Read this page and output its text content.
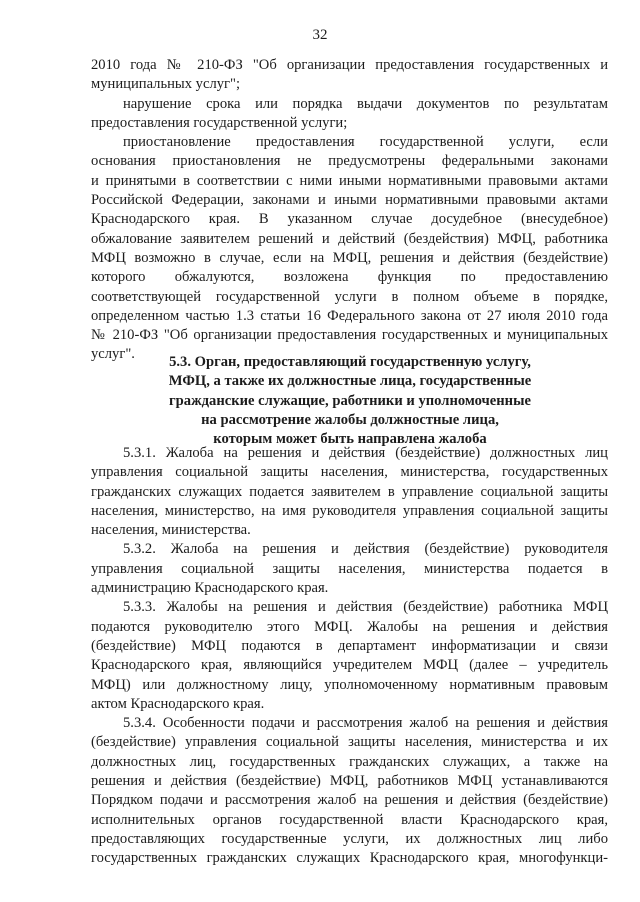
32
2010 года № 210-ФЗ "Об организации предоставления государственных и
муниципальных услуг";
нарушение срока или порядка выдачи документов по результатам
предоставления государственной услуги;
приостановление предоставления государственной услуги, если
основания приостановления не предусмотрены федеральными законами
и принятыми в соответствии с ними иными нормативными правовыми актами
Российской Федерации, законами и иными нормативными правовыми актами
Краснодарского края. В указанном случае досудебное (внесудебное)
обжалование заявителем решений и действий (бездействия) МФЦ, работника
МФЦ возможно в случае, если на МФЦ, решения и действия (бездействие)
которого обжалуются, возложена функция по предоставлению
соответствующей государственной услуги в полном объеме в порядке,
определенном частью 1.3 статьи 16 Федерального закона от 27 июля 2010 года
№ 210-ФЗ "Об организации предоставления государственных и муниципальных
услуг".	5.3. Орган, предоставляющий государственную услугу,
МФЦ, а также их должностные лица, государственные
гражданские служащие, работники и уполномоченные
на рассмотрение жалобы должностные лица,
которым может быть направлена жалоба
5.3.1. Жалоба на решения и действия (бездействие) должностных лиц
управления социальной защиты населения, министерства, государственных
гражданских служащих подается заявителем в управление социальной защиты
населения, министерство, на имя руководителя управления социальной защиты
населения, министерства.
5.3.2. Жалоба на решения и действия (бездействие) руководителя
управления социальной защиты населения, министерства подается в
администрацию Краснодарского края.
5.3.3. Жалобы на решения и действия (бездействие) работника МФЦ
подаются руководителю этого МФЦ. Жалобы на решения и действия
(бездействие) МФЦ подаются в департамент информатизации и связи
Краснодарского края, являющийся учредителем МФЦ (далее – учредитель
МФЦ) или должностному лицу, уполномоченному нормативным правовым
актом Краснодарского края.
5.3.4. Особенности подачи и рассмотрения жалоб на решения и действия
(бездействие) управления социальной защиты населения, министерства и их
должностных лиц, государственных гражданских служащих, а также на
решения и действия (бездействие) МФЦ, работников МФЦ устанавливаются
Порядком подачи и рассмотрения жалоб на решения и действия (бездействие)
исполнительных органов государственной власти Краснодарского края,
предоставляющих государственные услуги, их должностных лиц либо
государственных гражданских служащих Краснодарского края, многофункци-
